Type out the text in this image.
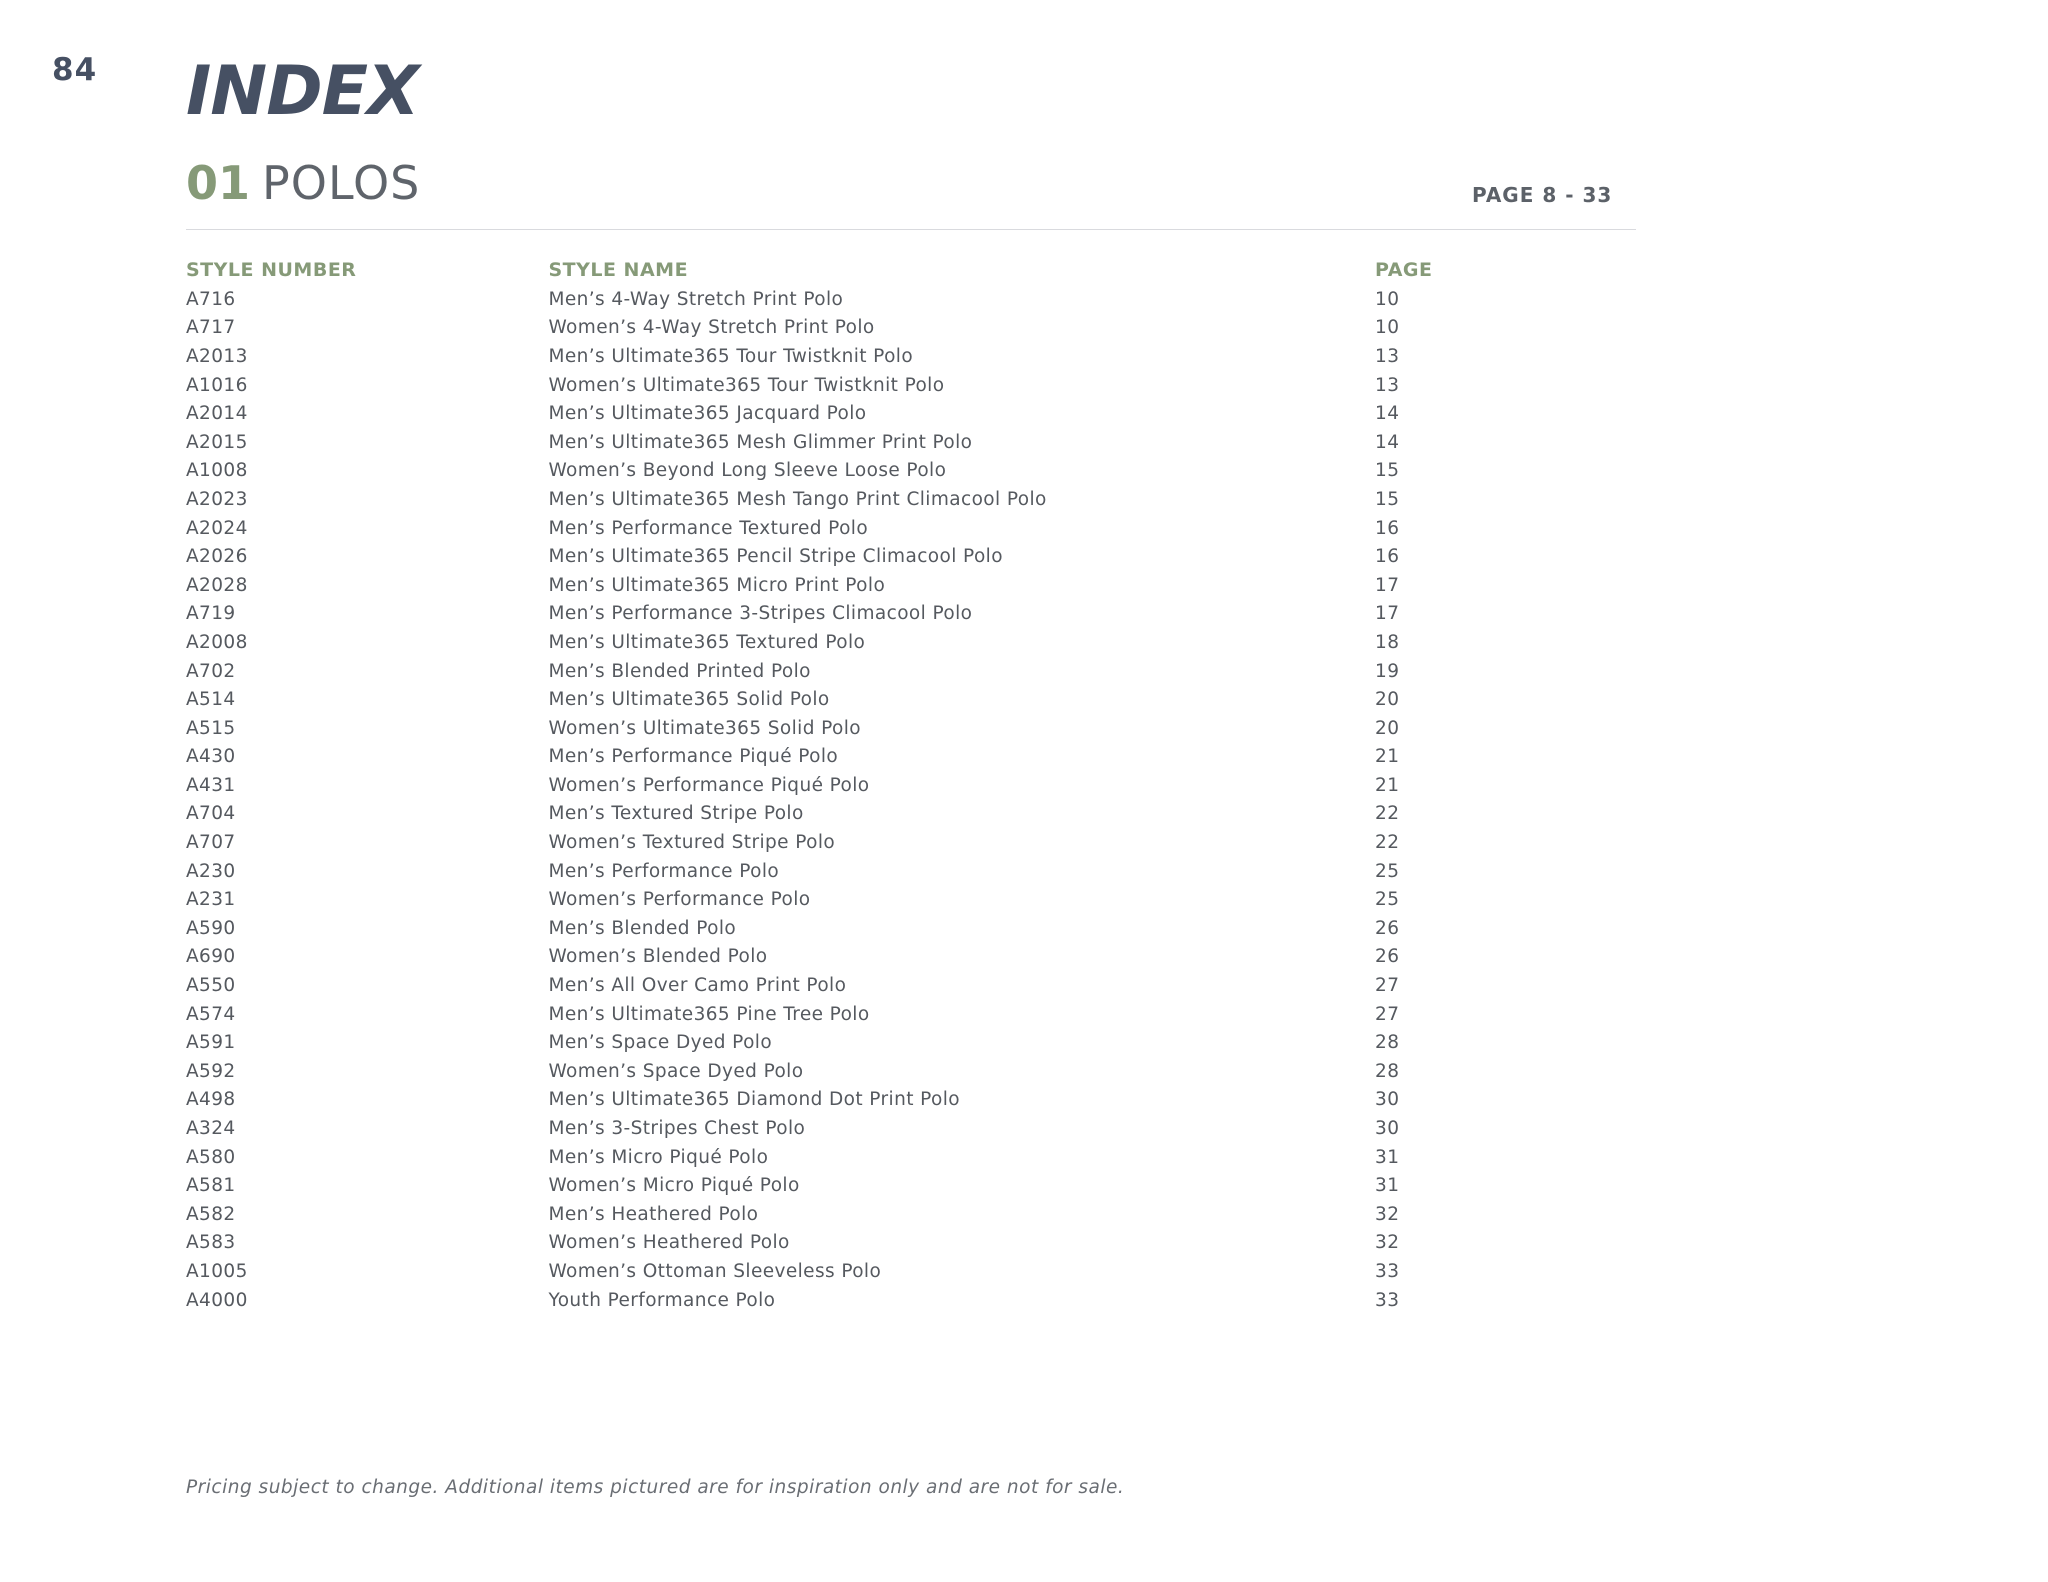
84 INDEX
01 POLOS	PAGE 8 - 33
STYLE NUMBER	STYLE NAME	PAGE
A716	Men’s 4-Way Stretch Print Polo	10
A717	Women’s 4-Way Stretch Print Polo	10
A2013	Men’s Ultimate365 Tour Twistknit Polo	13
A1016	Women’s Ultimate365 Tour Twistknit Polo	13
A2014	Men’s Ultimate365 Jacquard Polo	14
A2015	Men’s Ultimate365 Mesh Glimmer Print Polo	14
A1008	Women’s Beyond Long Sleeve Loose Polo	15
A2023	Men’s Ultimate365 Mesh Tango Print Climacool Polo	15
A2024	Men’s Performance Textured Polo	16
A2026	Men’s Ultimate365 Pencil Stripe Climacool Polo	16
A2028	Men’s Ultimate365 Micro Print Polo	17
A719	Men’s Performance 3-Stripes Climacool Polo	17
A2008	Men’s Ultimate365 Textured Polo	18
A702	Men’s Blended Printed Polo	19
A514	Men’s Ultimate365 Solid Polo	20
A515	Women’s Ultimate365 Solid Polo	20
A430	Men’s Performance Piqué Polo	21
A431	Women’s Performance Piqué Polo	21
A704	Men’s Textured Stripe Polo	22
A707	Women’s Textured Stripe Polo	22
A230	Men’s Performance Polo	25
A231	Women’s Performance Polo	25
A590	Men’s Blended Polo	26
A690	Women’s Blended Polo	26
A550	Men’s All Over Camo Print Polo	27
A574	Men’s Ultimate365 Pine Tree Polo	27
A591	Men’s Space Dyed Polo	28
A592	Women’s Space Dyed Polo	28
A498	Men’s Ultimate365 Diamond Dot Print Polo	30
A324	Men’s 3-Stripes Chest Polo	30
A580	Men’s Micro Piqué Polo	31
A581	Women’s Micro Piqué Polo	31
A582	Men’s Heathered Polo	32
A583	Women’s Heathered Polo	32
A1005	Women’s Ottoman Sleeveless Polo	33
A4000	Youth Performance Polo	33
Pricing subject to change. Additional items pictured are for inspiration only and are not for sale.
